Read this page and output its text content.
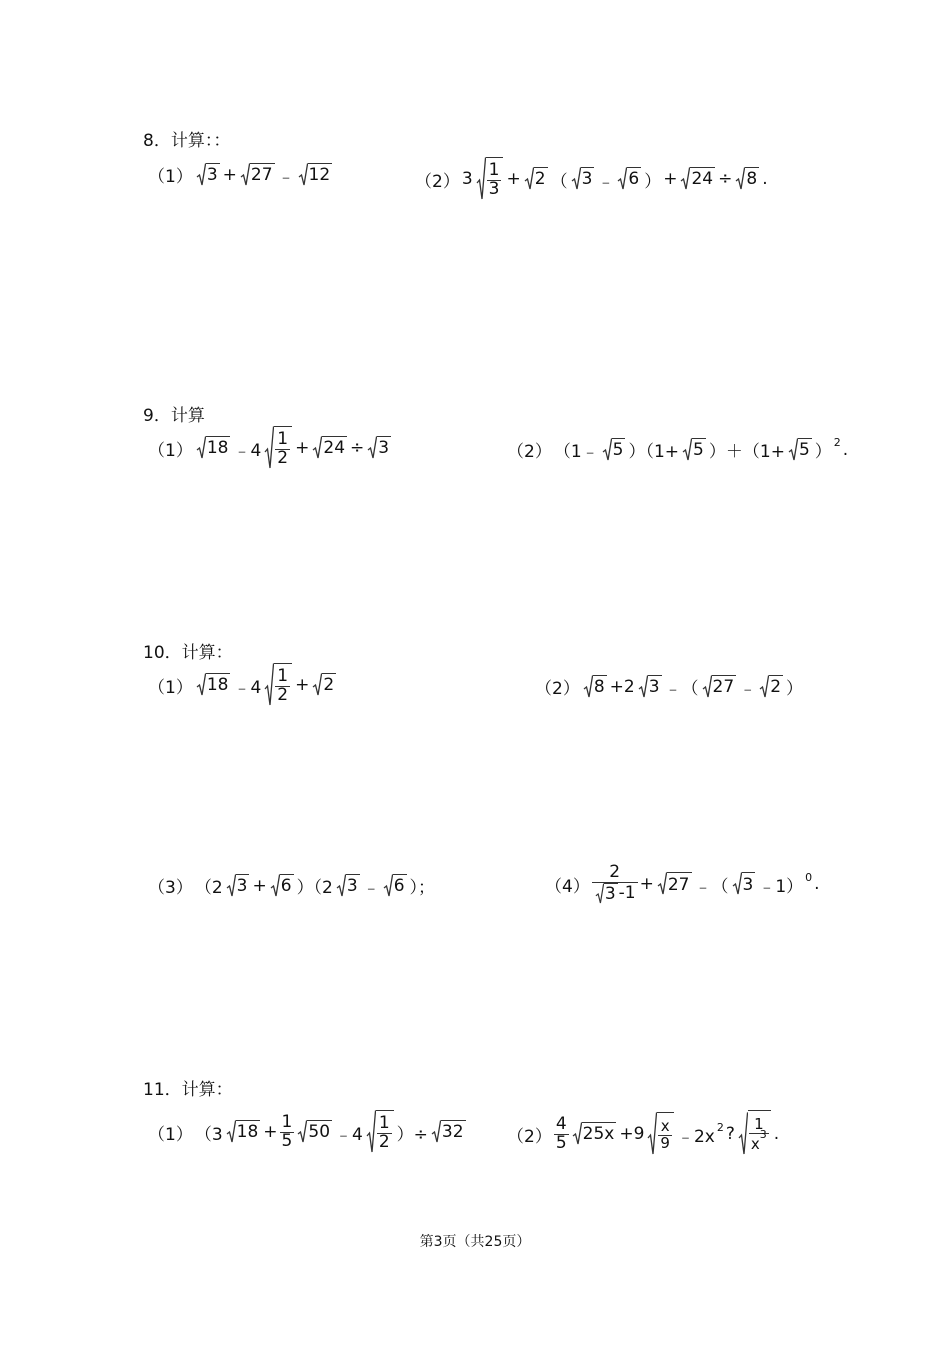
8．计算：：
（1） 3 + 27 ﹣ 12	（2） $3 \frac{1}{3} + 2$ （ 3 ﹣ 6 ） + 24 ÷ 8 .
9．计算
（1） 18 ﹣4 $\frac{1}{2} + 24 \div 3$	（2） （1﹣ 5 ）（1+ 5 ）＋（1+ 5 ） 2 .
10．计算：
（1） 18 ﹣4 $\frac{1}{2} + 2$	（2） 8 +2 3 ﹣（ 27 ﹣ 2 ）
（3） （2 3 + 6 ）（2 3 ﹣ 6 ）；	$(4) \frac{2}{3 -1} + 27$ ﹣（ 3 ﹣1） 0 .
11．计算：
（1） （3 $18 + \frac{1}{5} 50$ ﹣4 $\frac{1}{2}$ ）÷ 32	$(2) \frac{4}{5} 25x +9 \frac{x}{9}$ ﹣2x 2 ? $\frac{1}{x^3}$ .
第3页（共25页）
